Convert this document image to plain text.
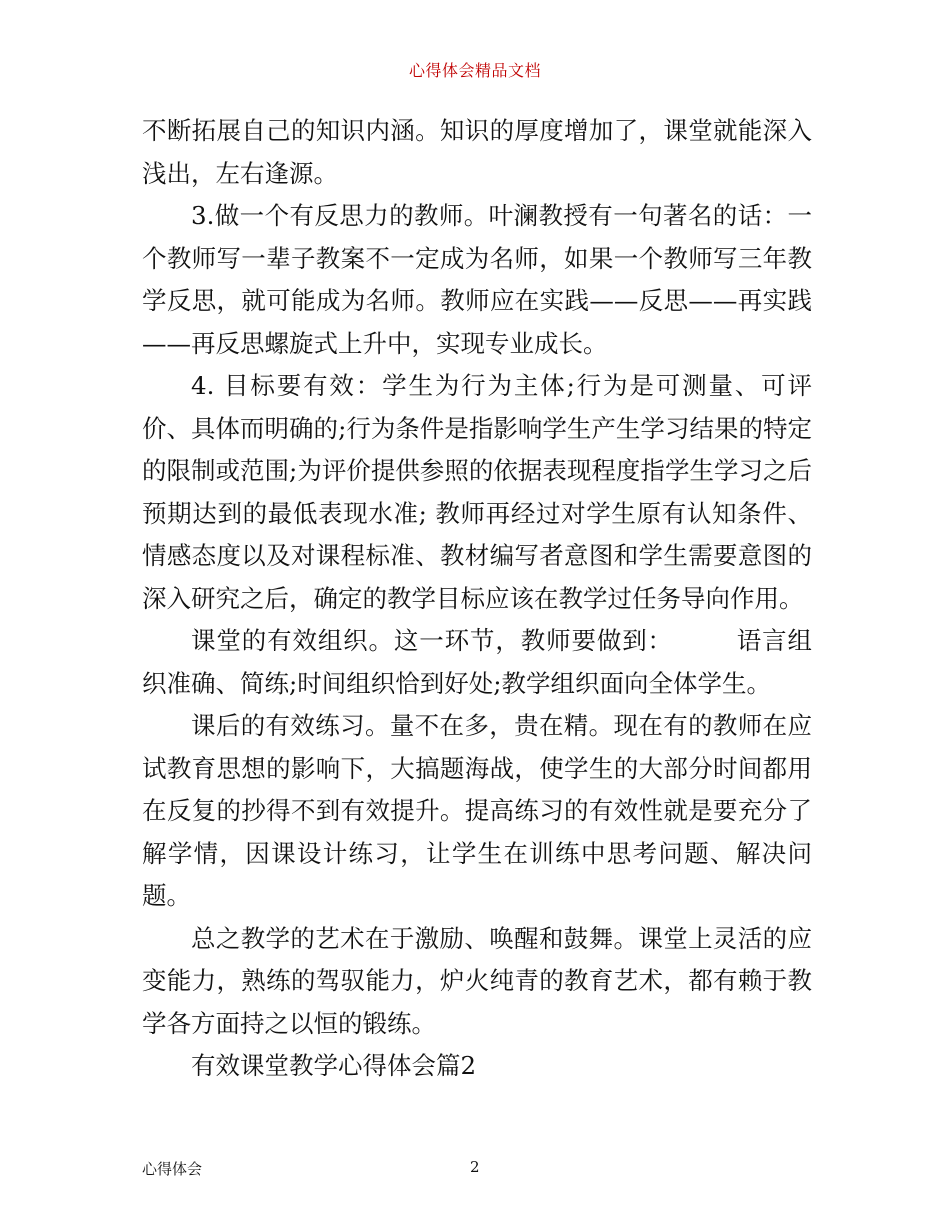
心得体会精品文档

不断拓展自己的知识内涵。知识的厚度增加了，课堂就能深入浅出，左右逢源。

3.做一个有反思力的教师。叶澜教授有一句著名的话：一个教师写一辈子教案不一定成为名师，如果一个教师写三年教学反思，就可能成为名师。教师应在实践——反思——再实践——再反思螺旋式上升中，实现专业成长。

4. 目标要有效：学生为行为主体;行为是可测量、可评价、具体而明确的;行为条件是指影响学生产生学习结果的特定的限制或范围;为评价提供参照的依据表现程度指学生学习之后预期达到的最低表现水准; 教师再经过对学生原有认知条件、情感态度以及对课程标准、教材编写者意图和学生需要意图的深入研究之后，确定的教学目标应该在教学过任务导向作用。

课堂的有效组织。这一环节，教师要做到：　　　语言组织准确、简练;时间组织恰到好处;教学组织面向全体学生。

课后的有效练习。量不在多，贵在精。现在有的教师在应试教育思想的影响下，大搞题海战，使学生的大部分时间都用在反复的抄得不到有效提升。提高练习的有效性就是要充分了解学情，因课设计练习，让学生在训练中思考问题、解决问题。

总之教学的艺术在于激励、唤醒和鼓舞。课堂上灵活的应变能力，熟练的驾驭能力，炉火纯青的教育艺术，都有赖于教学各方面持之以恒的锻练。

有效课堂教学心得体会篇2

心得体会	2
